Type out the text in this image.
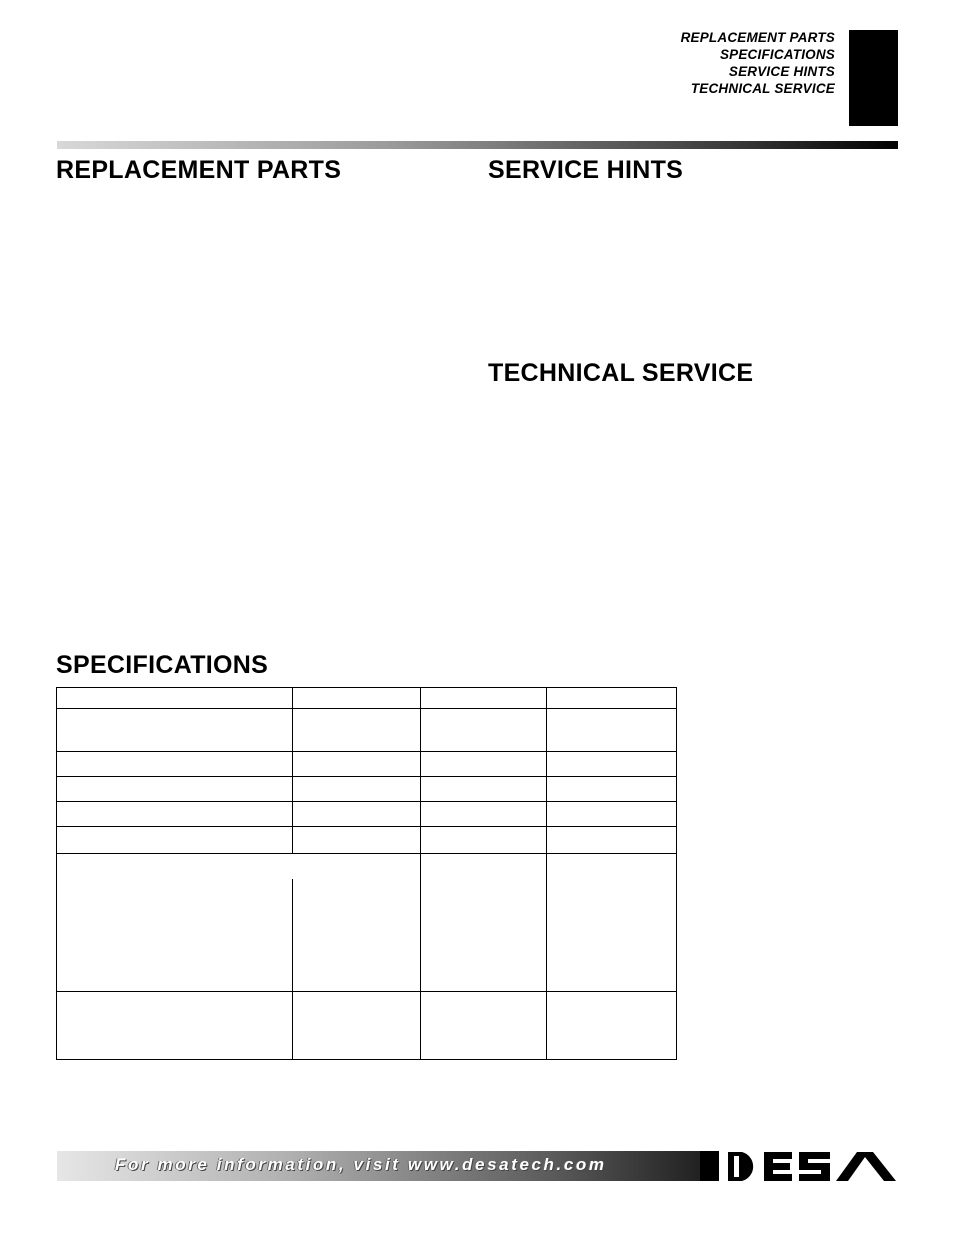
REPLACEMENT PARTS
SPECIFICATIONS
SERVICE HINTS
TECHNICAL SERVICE
REPLACEMENT PARTS	SERVICE HINTS
TECHNICAL SERVICE
SPECIFICATIONS
For more information, visit www.desatech.com
